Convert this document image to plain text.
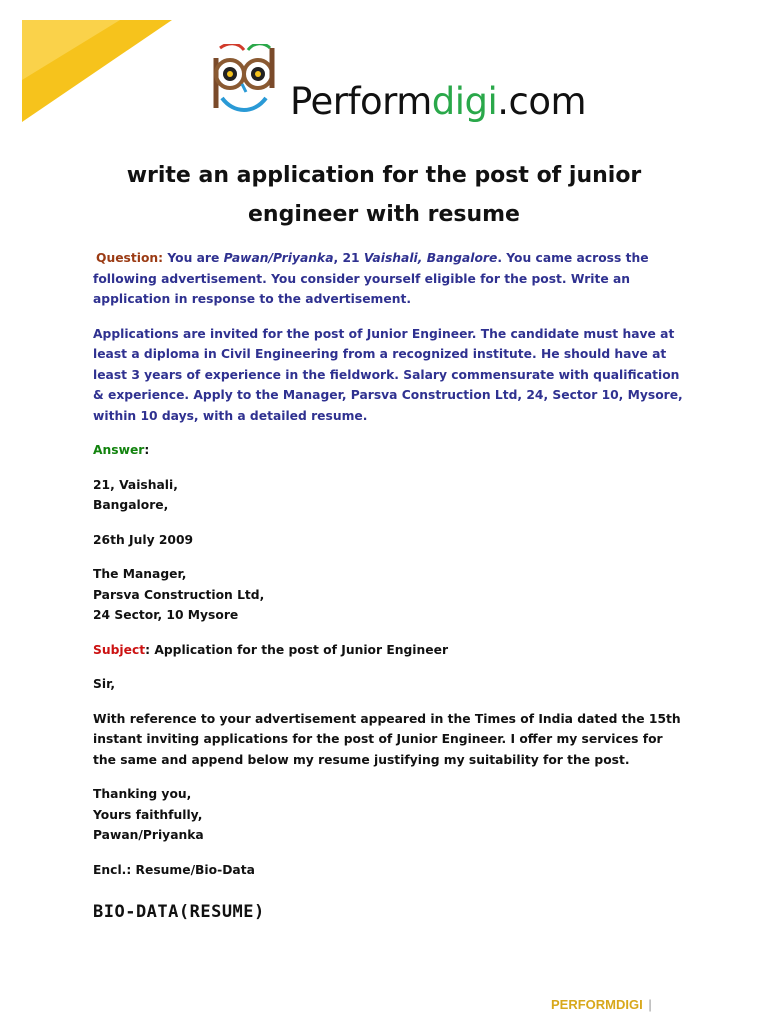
Performdigi.com
write an application for the post of junior
engineer with resume

Question: You are Pawan/Priyanka, 21 Vaishali, Bangalore. You came across the following advertisement. You consider yourself eligible for the post. Write an application in response to the advertisement.

Applications are invited for the post of Junior Engineer. The candidate must have at least a diploma in Civil Engineering from a recognized institute. He should have at least 3 years of experience in the fieldwork. Salary commensurate with qualification & experience. Apply to the Manager, Parsva Construction Ltd, 24, Sector 10, Mysore, within 10 days, with a detailed resume.

Answer:

21, Vaishali,
Bangalore,

26th July 2009

The Manager,
Parsva Construction Ltd,
24 Sector, 10 Mysore

Subject: Application for the post of Junior Engineer

Sir,

With reference to your advertisement appeared in the Times of India dated the 15th instant inviting applications for the post of Junior Engineer. I offer my services for the same and append below my resume justifying my suitability for the post.

Thanking you,
Yours faithfully,
Pawan/Priyanka

Encl.: Resume/Bio-Data

BIO-DATA(RESUME)
PERFORMDIGI |
